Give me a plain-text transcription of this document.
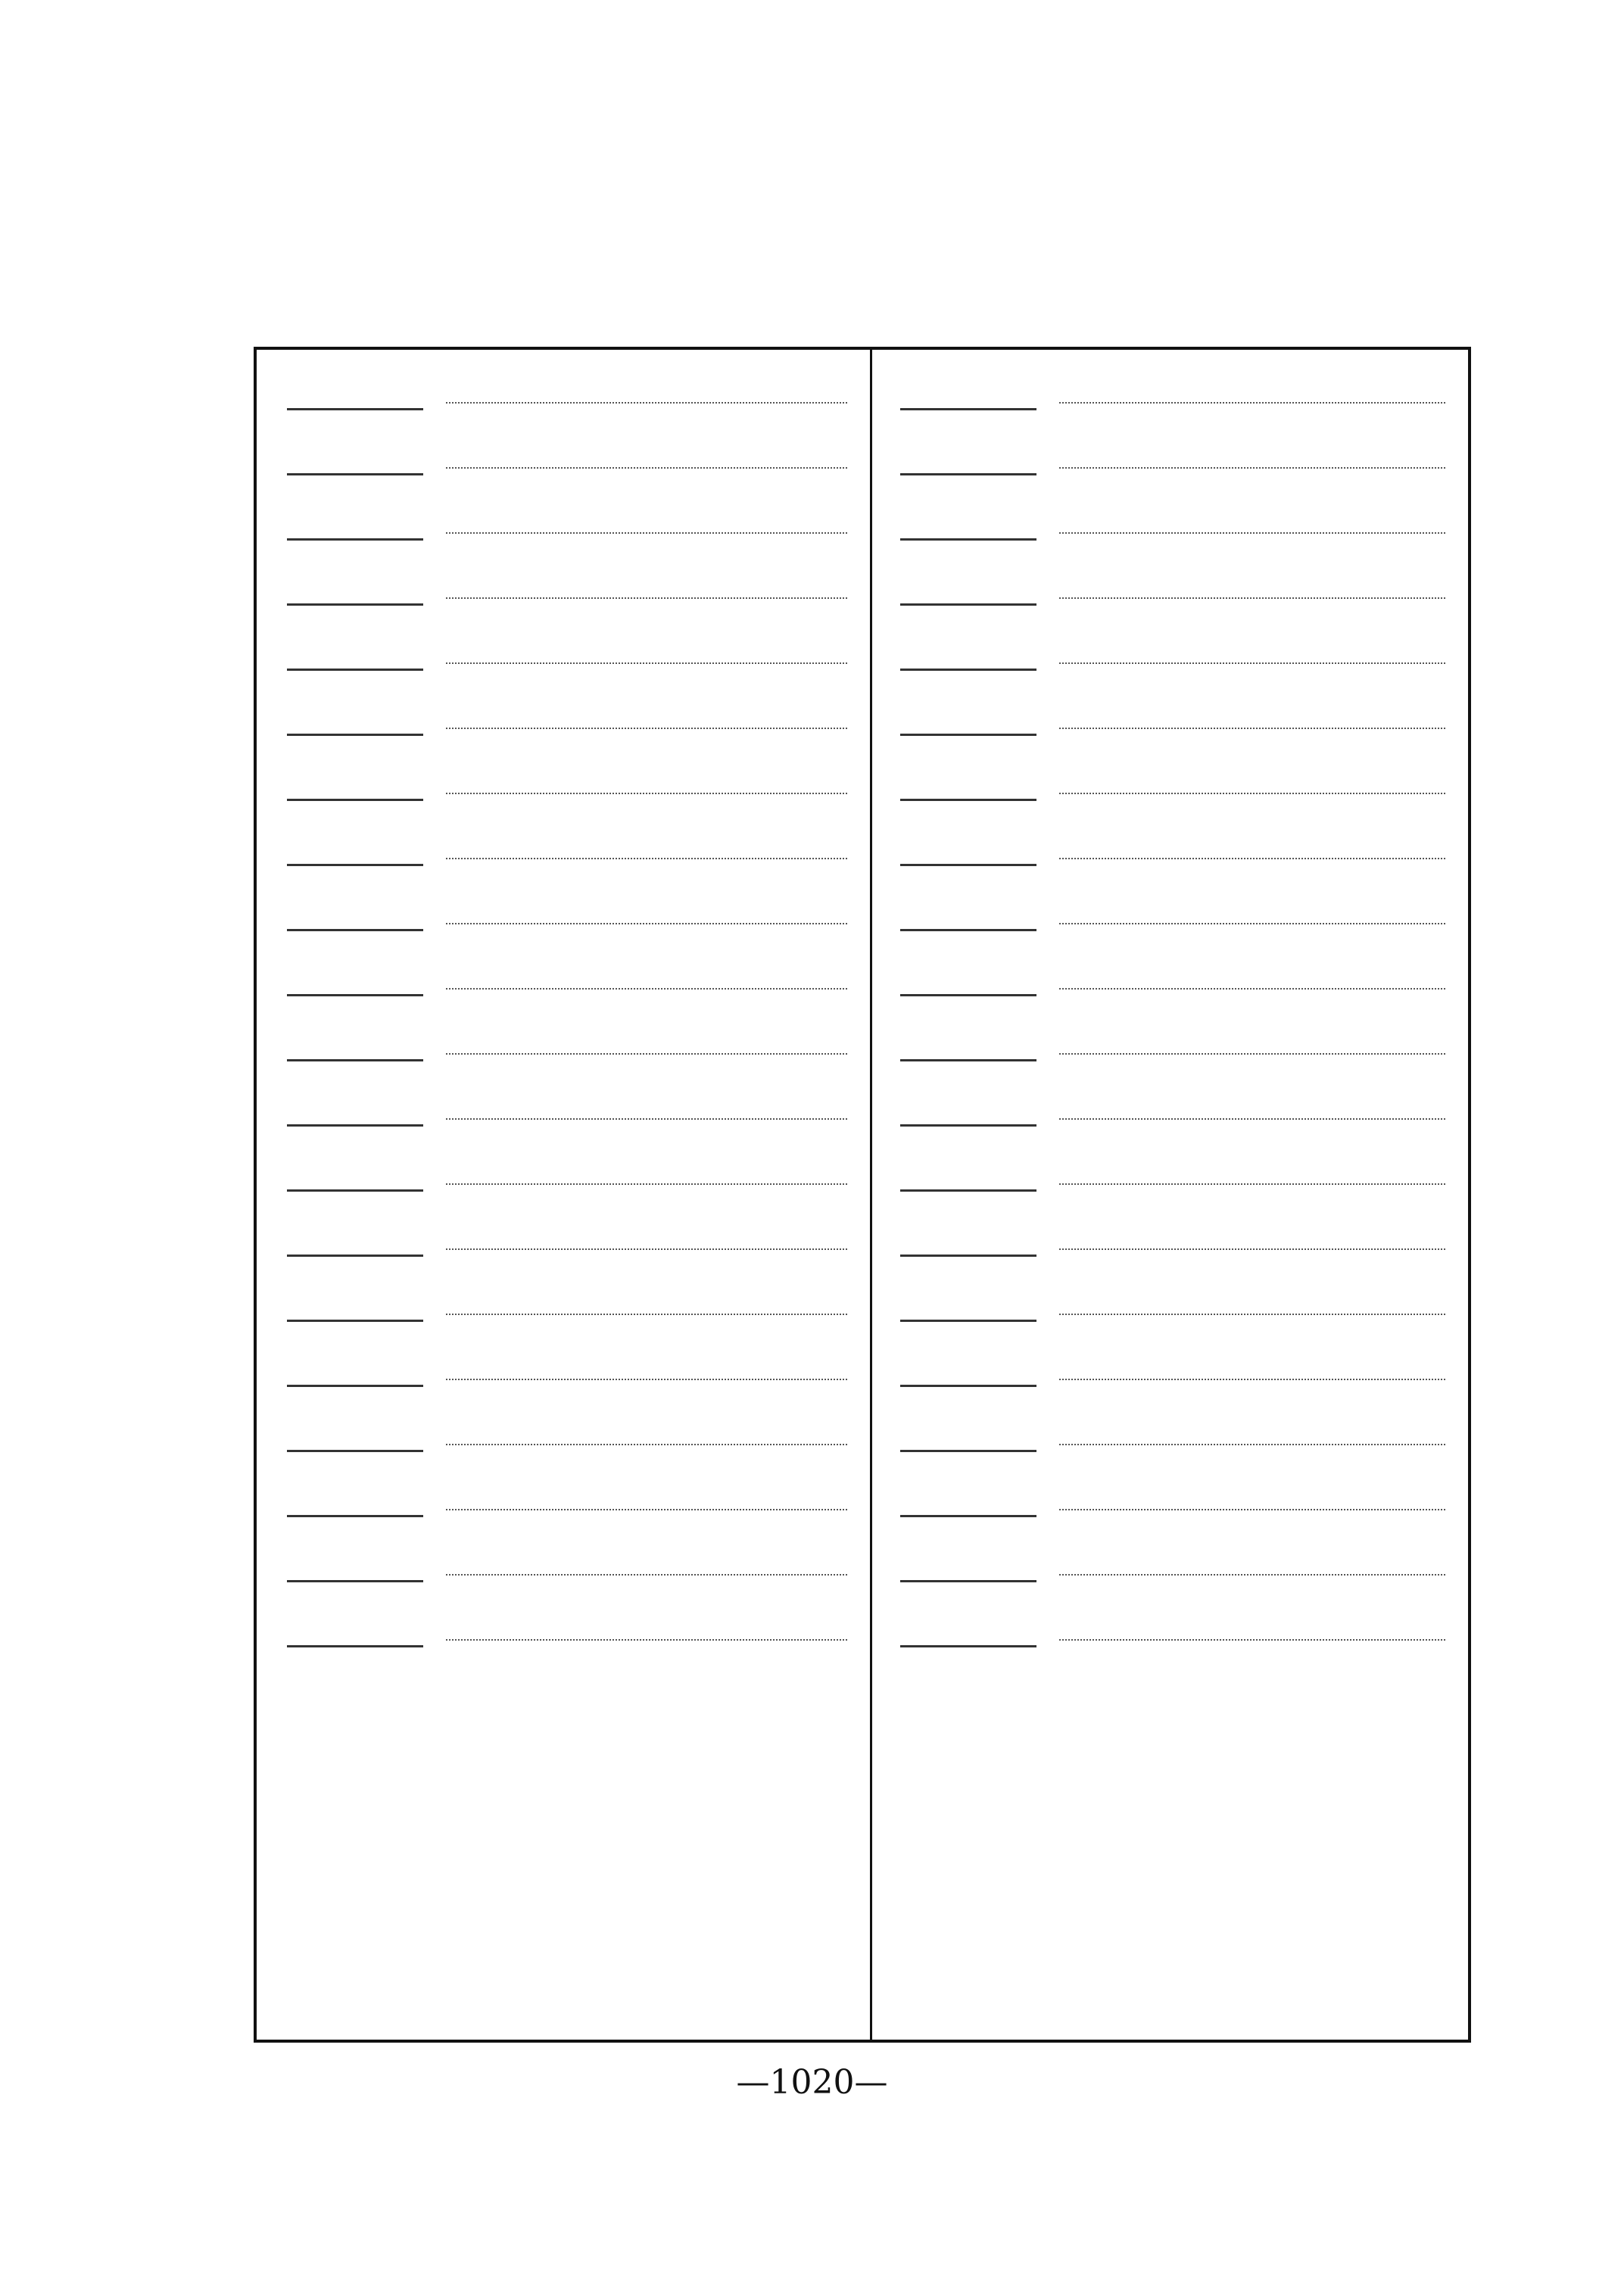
—1020—
